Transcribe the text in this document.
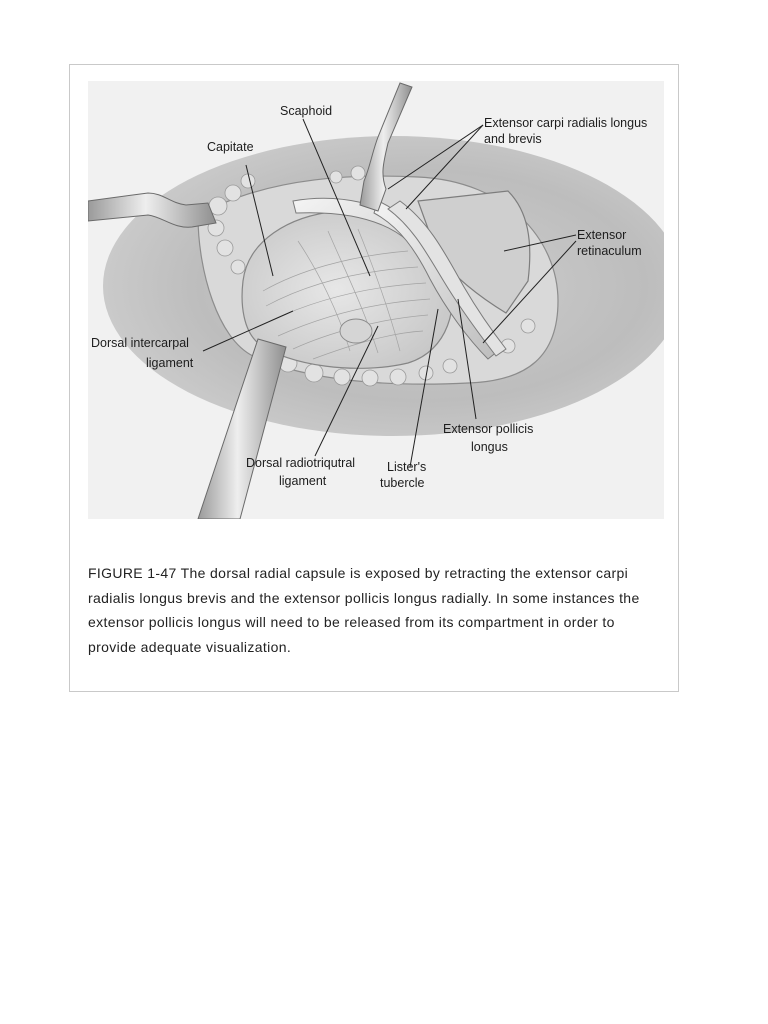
Scaphoid
Capitate
Extensor carpi radialis longus
and brevis
Extensor
retinaculum
Dorsal intercarpal
ligament
Extensor pollicis
longus
Dorsal radiotriqutral
ligament
Lister's
tubercle
FIGURE 1-47 The dorsal radial capsule is exposed by retracting the extensor carpi radialis longus brevis and the extensor pollicis longus radially. In some instances the extensor pollicis longus will need to be released from its compartment in order to provide adequate visualization.
